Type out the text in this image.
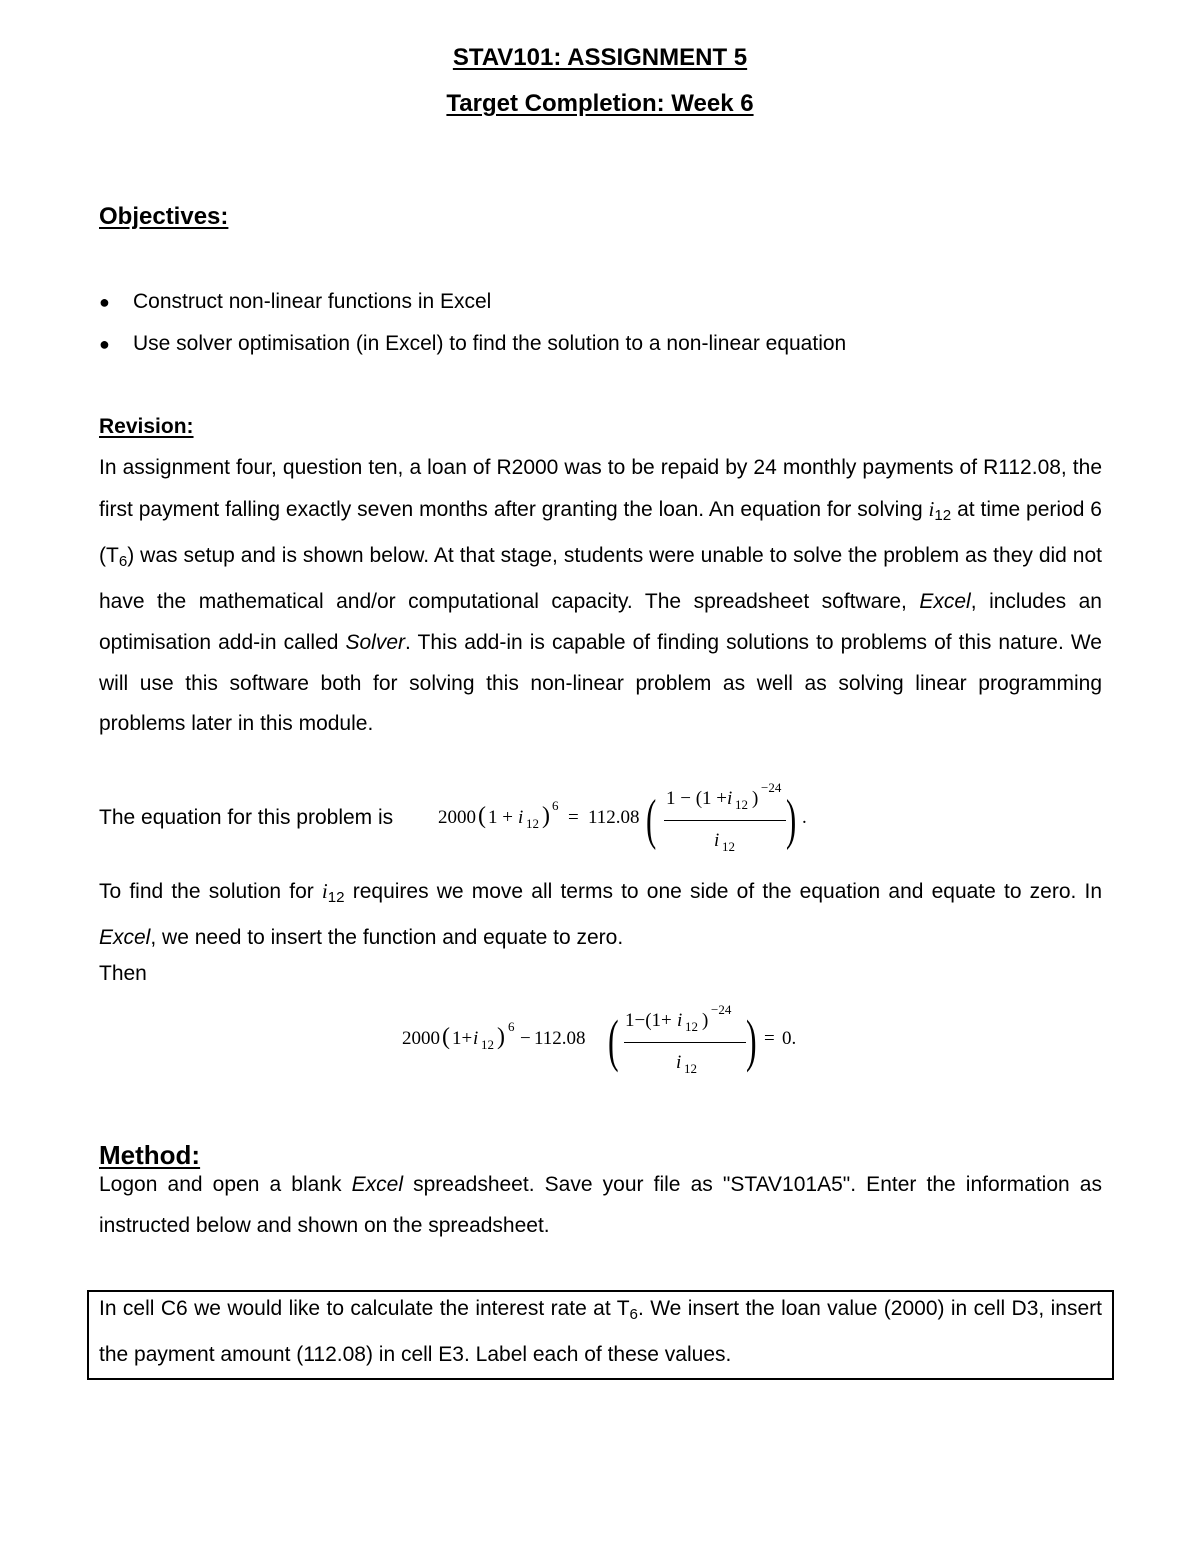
STAV101: ASSIGNMENT 5
Target Completion: Week 6
Objectives:
● Construct non-linear functions in Excel
● Use solver optimisation (in Excel) to find the solution to a non-linear equation
Revision:
In assignment four, question ten, a loan of R2000 was to be repaid by 24 monthly payments of R112.08, the first payment falling exactly seven months after granting the loan. An equation for solving $i_{12}$ at time period 6 $(T_6)$ was setup and is shown below. At that stage, students were unable to solve the problem as they did not have the mathematical and/or computational capacity. The spreadsheet software, Excel, includes an optimisation add-in called Solver. This add-in is capable of finding solutions to problems of this nature. We will use this software both for solving this non-linear problem as well as solving linear programming problems later in this module.
The equation for this problem is 2000 ( 1 + i 12 ) 6
= 112.08 ( 1 − (1 + i 12 )
−24
i 12 ) .
To find the solution for $i_{12}$ requires we move all terms to one side of the equation and equate to zero. In Excel, we need to insert the function and equate to zero.
Then
2000 ( 1+ i 12 ) 6
− 112.08 ( 1−(1+ i 12 )
−24
i 12 ) = 0.
Method:
Logon and open a blank Excel spreadsheet. Save your file as "STAV101A5". Enter the information as instructed below and shown on the spreadsheet.
In cell C6 we would like to calculate the interest rate at $T_6$. We insert the loan value (2000) in cell D3, insert the payment amount (112.08) in cell E3. Label each of these values.
